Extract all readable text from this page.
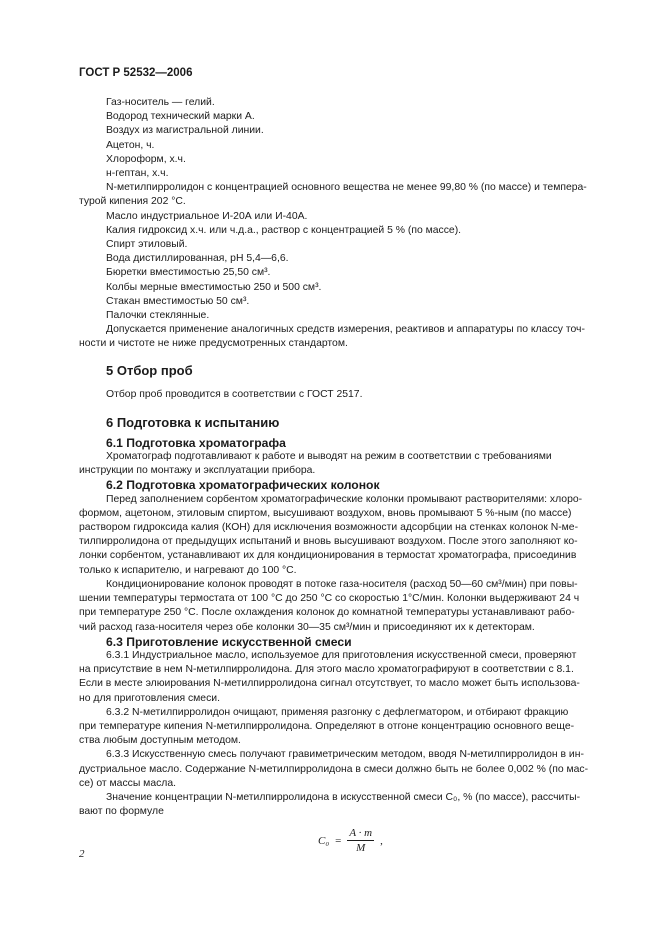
ГОСТ Р 52532—2006

Газ-носитель — гелий.

Водород технический марки А.

Воздух из магистральной линии.

Ацетон, ч.

Хлороформ, х.ч.

н-гептан, х.ч.

N-метилпирролидон с концентрацией основного вещества не менее 99,80 % (по массе) и темпера-

турой кипения 202 °С.

Масло индустриальное И-20А или И-40А.

Калия гидроксид х.ч. или ч.д.а., раствор с концентрацией 5 % (по массе).

Спирт этиловый.

Вода дистиллированная, pH 5,4—6,6.

Бюретки вместимостью 25,50 см³.

Колбы мерные вместимостью 250 и 500 см³.

Стакан вместимостью 50 см³.

Палочки стеклянные.

Допускается применение аналогичных средств измерения, реактивов и аппаратуры по классу точ-

ности и чистоте не ниже предусмотренных стандартом.

5 Отбор проб

Отбор проб проводится в соответствии с ГОСТ 2517.

6 Подготовка к испытанию
6.1 Подготовка хроматографа

Хроматограф подготавливают к работе и выводят на режим в соответствии с требованиями

инструкции по монтажу и эксплуатации прибора.

6.2 Подготовка хроматографических колонок

Перед заполнением сорбентом хроматографические колонки промывают растворителями: хлоро-

формом, ацетоном, этиловым спиртом, высушивают воздухом, вновь промывают 5 %-ным (по массе)

раствором гидроксида калия (КОН) для исключения возможности адсорбции на стенках колонок N-ме-

тилпирролидона от предыдущих испытаний и вновь высушивают воздухом. После этого заполняют ко-

лонки сорбентом, устанавливают их для кондиционирования в термостат хроматографа, присоединив

только к испарителю, и нагревают до 100 °С.

Кондиционирование колонок проводят в потоке газа-носителя (расход 50—60 см³/мин) при повы-

шении температуры термостата от 100 °С до 250 °С со скоростью 1°С/мин. Колонки выдерживают 24 ч

при температуре 250 °С. После охлаждения колонок до комнатной температуры устанавливают рабо-

чий расход газа-носителя через обе колонки 30—35 см³/мин и присоединяют их к детекторам.

6.3 Приготовление искусственной смеси

6.3.1 Индустриальное масло, используемое для приготовления искусственной смеси, проверяют

на присутствие в нем N-метилпирролидона. Для этого масло хроматографируют в соответствии с 8.1.

Если в месте элюирования N-метилпирролидона сигнал отсутствует, то масло может быть использова-

но для приготовления смеси.

6.3.2 N-метилпирролидон очищают, применяя разгонку с дефлегматором, и отбирают фракцию

при температуре кипения N-метилпирролидона. Определяют в отгоне концентрацию основного веще-

ства любым доступным методом.

6.3.3 Искусственную смесь получают гравиметрическим методом, вводя N-метилпирролидон в ин-

дустриальное масло. Содержание N-метилпирролидона в смеси должно быть не более 0,002 % (по мас-

се) от массы масла.

Значение концентрации N-метилпирролидона в искусственной смеси С₀, % (по массе), рассчиты-

вают по формуле

$C_0 = \frac{A \cdot m}{M}$ ,
2
